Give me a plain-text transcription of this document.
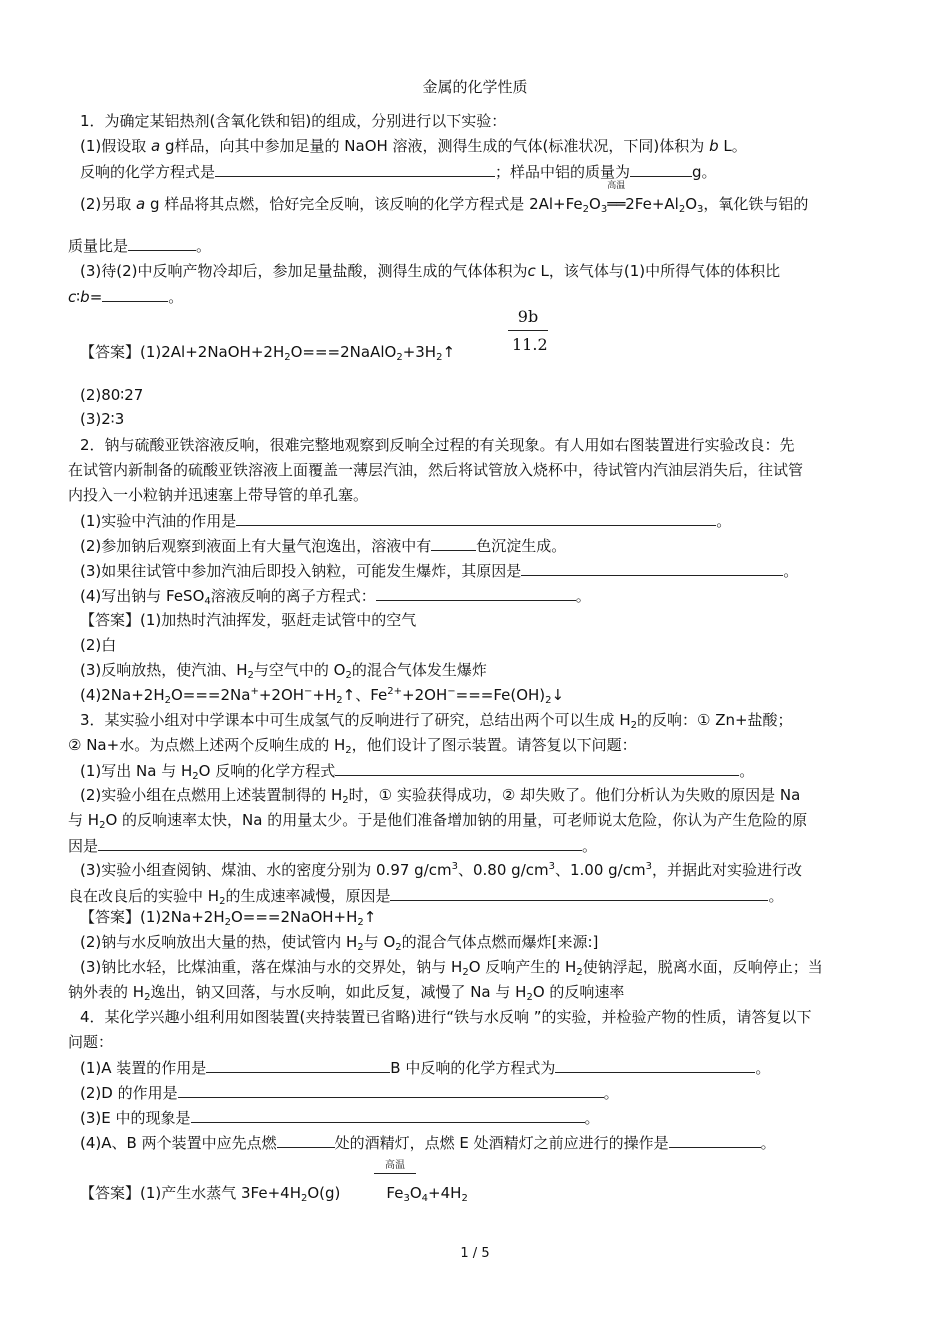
金属的化学性质
1．为确定某铝热剂(含氧化铁和铝)的组成，分别进行以下实验：
(1)假设取 a g样品，向其中参加足量的 NaOH 溶液，测得生成的气体(标准状况，下同)体积为 b L。
反响的化学方程式是	；样品中铝的质量为	g。
(2)另取 a g 样品将其点燃，恰好完全反响，该反响的化学方程式是 $2Al+Fe_2O_3$
高温
$══2Fe+Al_2O_3$，氧化铁与铝的
质量比是	。
(3)待(2)中反响产物冷却后，参加足量盐酸，测得生成的气体体积为c L，该气体与(1)中所得气体的体积比
c∶b=	。
9b
11.2
【答案】$(1)2Al+2NaOH+2H_2O===2NaAlO_2+3H_2↑$
(2)80∶27
(3)2∶3
2．钠与硫酸亚铁溶液反响，很难完整地观察到反响全过程的有关现象。有人用如右图装置进行实验改良：先
在试管内新制备的硫酸亚铁溶液上面覆盖一薄层汽油，然后将试管放入烧杯中，待试管内汽油层消失后，往试管
内投入一小粒钠并迅速塞上带导管的单孔塞。
(1)实验中汽油的作用是	。
(2)参加钠后观察到液面上有大量气泡逸出，溶液中有	色沉淀生成。
(3)如果往试管中参加汽油后即投入钠粒，可能发生爆炸，其原因是	。
(4)写出钠与 FeSO$_4$溶液反响的离子方程式：	。
【答案】(1)加热时汽油挥发，驱赶走试管中的空气
(2)白
(3)反响放热，使汽油、$H_2$与空气中的 $O_2$的混合气体发生爆炸
$(4)2Na+2H_2O===2Na^++2OH^-+H_2↑$、$Fe^{2+}+2OH^-===Fe(OH)_2↓$
3．某实验小组对中学课本中可生成氢气的反响进行了研究，总结出两个可以生成 $H_2$的反响：① Zn+盐酸；
② Na+水。为点燃上述两个反响生成的 $H_2$，他们设计了图示装置。请答复以下问题：
(1)写出 Na 与 $H_2O$ 反响的化学方程式	。
(2)实验小组在点燃用上述装置制得的 $H_2$时，① 实验获得成功，② 却失败了。他们分析认为失败的原因是 Na
与 $H_2O$ 的反响速率太快，Na 的用量太少。于是他们准备增加钠的用量，可老师说太危险，你认为产生危险的原
因是	。
(3)实验小组查阅钠、煤油、水的密度分别为 0.97 $g/cm^3$、0.80 $g/cm^3$、1.00 $g/cm^3$，并据此对实验进行改
良在改良后的实验中 $H_2$的生成速率减慢，原因是	。
【答案】$(1)2Na+2H_2O===2NaOH+H_2↑$
(2)钠与水反响放出大量的热，使试管内 $H_2$与 $O_2$的混合气体点燃而爆炸[来源:]
(3)钠比水轻，比煤油重，落在煤油与水的交界处，钠与 $H_2O$ 反响产生的 $H_2$使钠浮起，脱离水面，反响停止；当
钠外表的 $H_2$逸出，钠又回落，与水反响，如此反复，减慢了 Na 与 $H_2O$ 的反响速率
4．某化学兴趣小组利用如图装置(夹持装置已省略)进行“铁与水反响 ”的实验，并检验产物的性质，请答复以下
问题：
(1)A 装置的作用是	B 中反响的化学方程式为	。
(2)D 的作用是	。
(3)E 中的现象是	。
(4)A、B 两个装置中应先点燃	处的酒精灯，点燃 E 处酒精灯之前应进行的操作是	。
高温
【答案】(1)产生水蒸气 $3Fe+4H_2O(g)$	$Fe_3O_4+4H_2$
1 / 5
